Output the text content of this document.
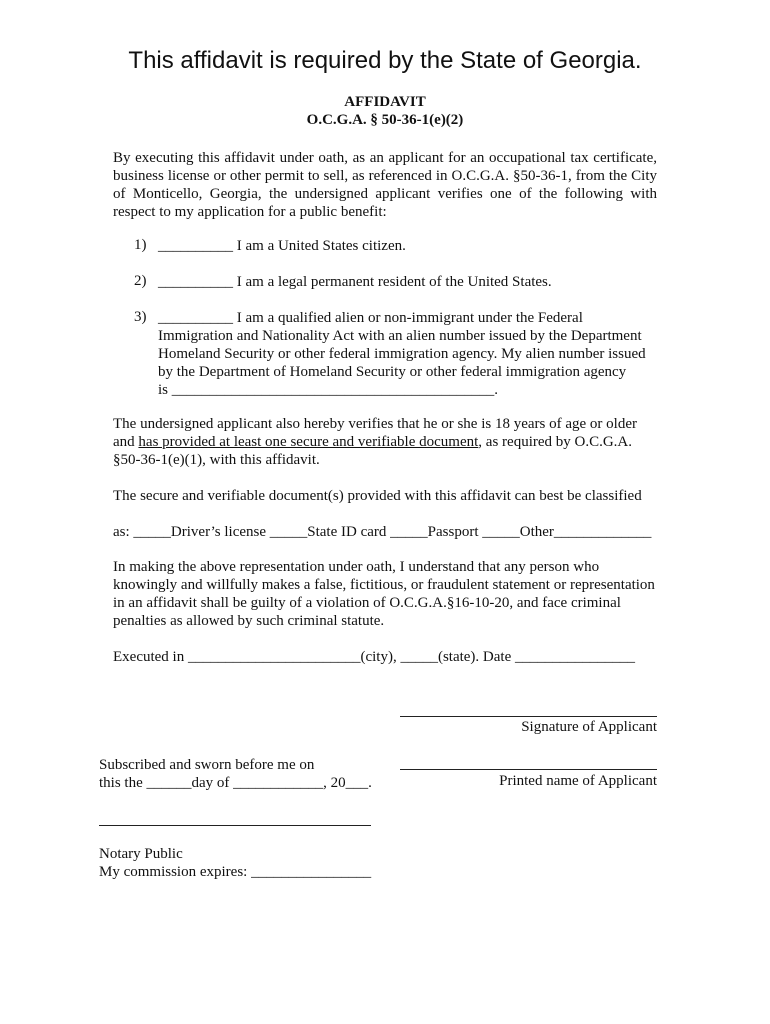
This affidavit is required by the State of Georgia.
AFFIDAVIT
O.C.G.A. § 50-36-1(e)(2)
By executing this affidavit under oath, as an applicant for an occupational tax certificate, business license or other permit to sell, as referenced in O.C.G.A. §50-36-1, from the City of Monticello, Georgia, the undersigned applicant verifies one of the following with respect to my application for a public benefit:
1) __________ I am a United States citizen.
2) __________ I am a legal permanent resident of the United States.
3) __________ I am a qualified alien or non-immigrant under the Federal Immigration and Nationality Act with an alien number issued by the Department Homeland Security or other federal immigration agency. My alien number issued by the Department of Homeland Security or other federal immigration agency
is ___________________________________________.
The undersigned applicant also hereby verifies that he or she is 18 years of age or older and has provided at least one secure and verifiable document, as required by O.C.G.A. §50-36-1(e)(1), with this affidavit.
The secure and verifiable document(s) provided with this affidavit can best be classified
as: _____Driver’s license _____State ID card _____Passport _____Other_____________
In making the above representation under oath, I understand that any person who knowingly and willfully makes a false, fictitious, or fraudulent statement or representation in an affidavit shall be guilty of a violation of O.C.G.A.§16-10-20, and face criminal penalties as allowed by such criminal statute.
Executed in _______________________(city), _____(state). Date ________________
Signature of Applicant
Subscribed and sworn before me on
this the ______day of ____________, 20___.	Printed name of Applicant
Notary Public
My commission expires: ________________
